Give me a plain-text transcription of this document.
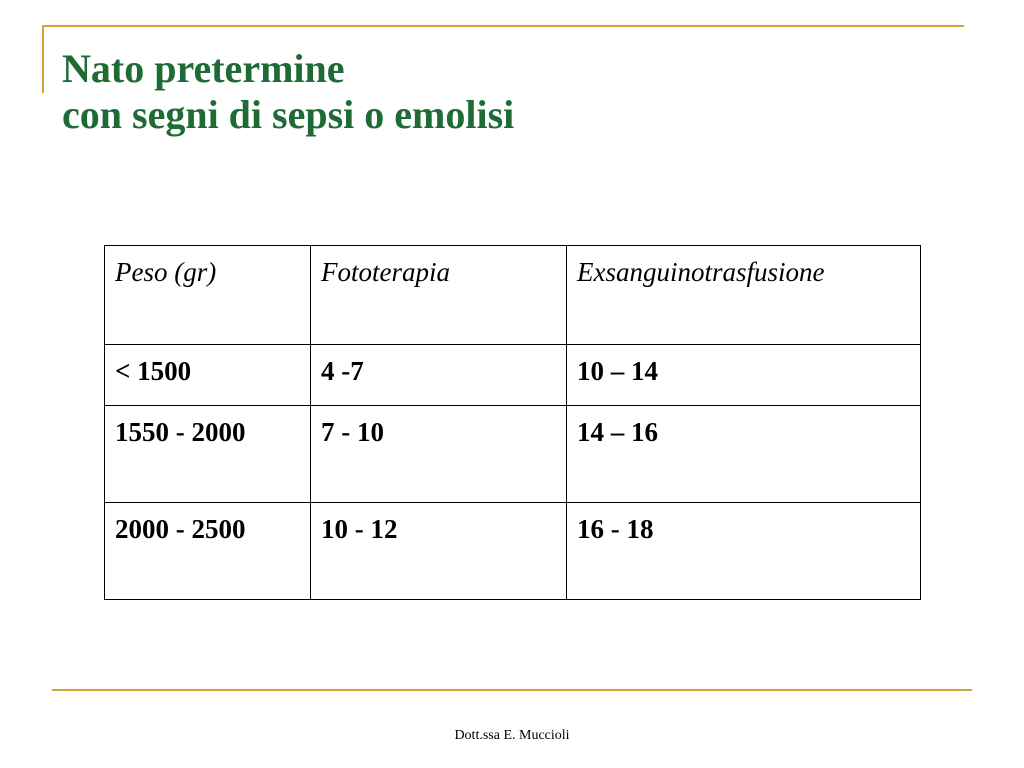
Nato pretermine
con segni di sepsi o emolisi
Peso (gr)	Fototerapia	Exsanguinotrasfusione
< 1500	4 -7	10 – 14
1550 - 2000	7 - 10	14 – 16
2000 - 2500	10 - 12	16 - 18
Dott.ssa E. Muccioli
